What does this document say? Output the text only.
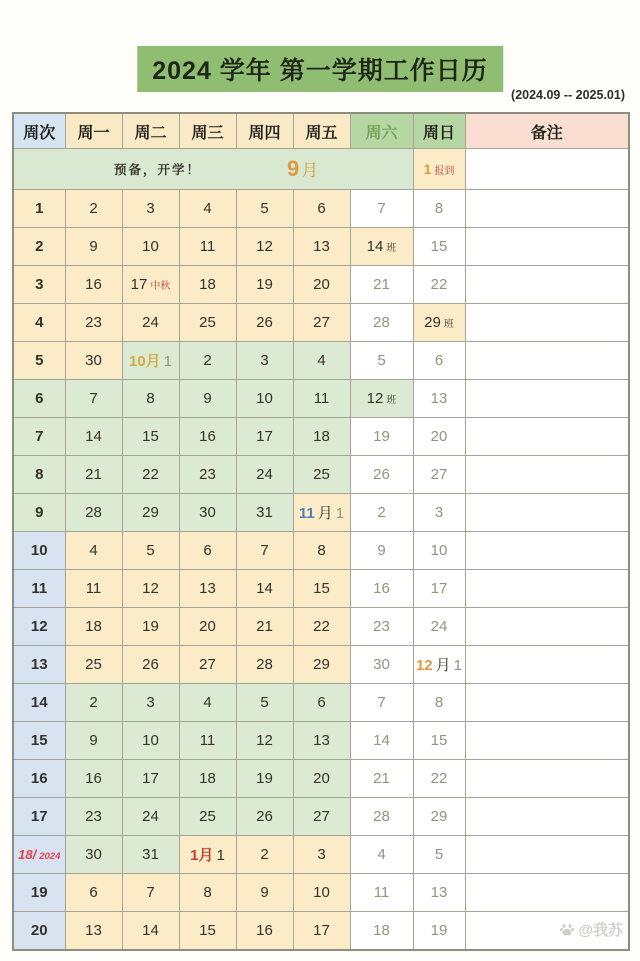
2024 学年 第一学期工作日历
(2024.09 -- 2025.01)
周次	周一	周二	周三	周四	周五	周六	周日	备注

预备，开学！ 9 月							1 报到	
1	2	3	4	5	6	7	8	
2	9	10	11	12	13	14 班	15	
3	16	17 中秋	18	19	20	21	22	
4	23	24	25	26	27	28	29 班	
5	30	10月 1	2	3	4	5	6	
6	7	8	9	10	11	12 班	13	
7	14	15	16	17	18	19	20	
8	21	22	23	24	25	26	27	
9	28	29	30	31	11 月 1	2	3	
10	4	5	6	7	8	9	10	
11	11	12	13	14	15	16	17	
12	18	19	20	21	22	23	24	
13	25	26	27	28	29	30	12 月 1	
14	2	3	4	5	6	7	8	
15	9	10	11	12	13	14	15	
16	16	17	18	19	20	21	22	
17	23	24	25	26	27	28	29	
18/ 2024	30	31	1月 1	2	3	4	5	
19	6	7	8	9	10	11	13	
20	13	14	15	16	17	18	19		@我苏
